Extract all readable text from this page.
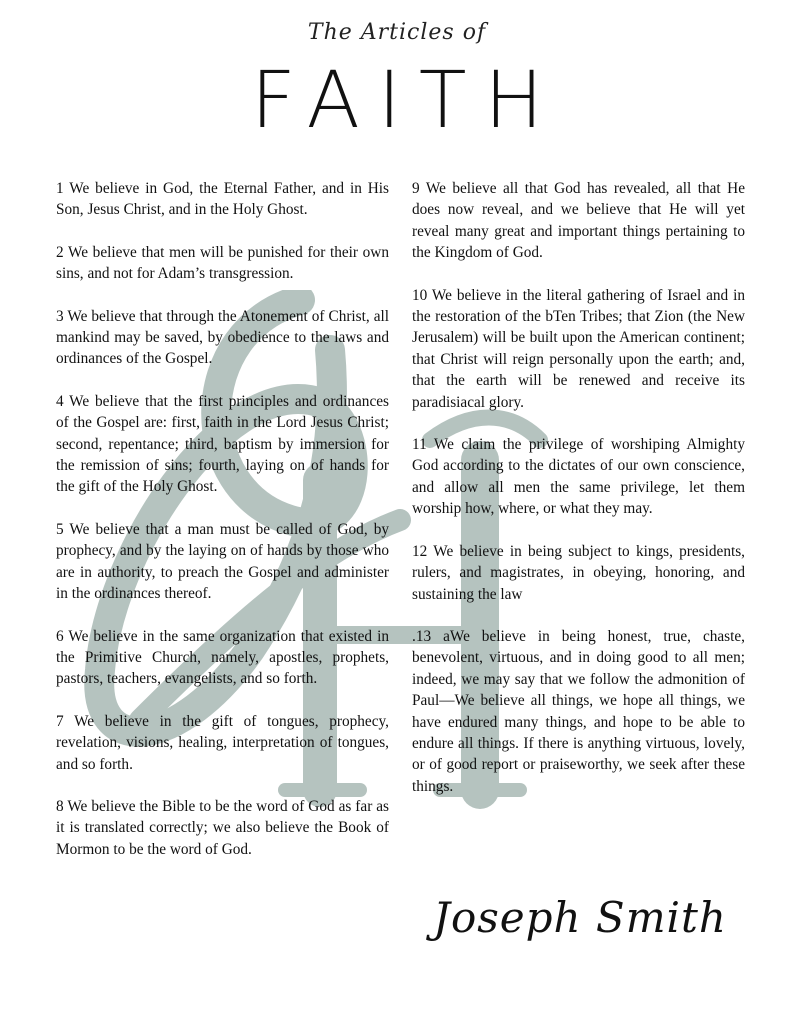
The Articles of
FAITH

1 We believe in God, the Eternal Father, and in His Son, Jesus Christ, and in the Holy Ghost.

2 We believe that men will be punished for their own sins, and not for Adam’s transgression.

3 We believe that through the Atonement of Christ, all mankind may be saved, by obedience to the laws and ordinances of the Gospel.

4 We believe that the first principles and ordinances of the Gospel are: first, faith in the Lord Jesus Christ; second, repentance; third, baptism by immersion for the remission of sins; fourth, laying on of hands for the gift of the Holy Ghost.

5 We believe that a man must be called of God, by prophecy, and by the laying on of hands by those who are in authority, to preach the Gospel and administer in the ordinances thereof.

6 We believe in the same organization that existed in the Primitive Church, namely, apostles, prophets, pastors, teachers, evangelists, and so forth.

7 We believe in the gift of tongues, prophecy, revelation, visions, healing, interpretation of tongues, and so forth.

8 We believe the Bible to be the word of God as far as it is translated correctly; we also believe the Book of Mormon to be the word of God.

9 We believe all that God has revealed, all that He does now reveal, and we believe that He will yet reveal many great and important things pertaining to the Kingdom of God.

10 We believe in the literal gathering of Israel and in the restoration of the bTen Tribes; that Zion (the New Jerusalem) will be built upon the American continent; that Christ will reign personally upon the earth; and, that the earth will be renewed and receive its paradisiacal glory.

11 We claim the privilege of worshiping Almighty God according to the dictates of our own conscience, and allow all men the same privilege, let them worship how, where, or what they may.

12 We believe in being subject to kings, presidents, rulers, and magistrates, in obeying, honoring, and sustaining the law

.13 aWe believe in being honest, true, chaste, benevolent, virtuous, and in doing good to all men; indeed, we may say that we follow the admonition of Paul—We believe all things, we hope all things, we have endured many things, and hope to be able to endure all things. If there is anything virtuous, lovely, or of good report or praiseworthy, we seek after these things.

Joseph Smith
